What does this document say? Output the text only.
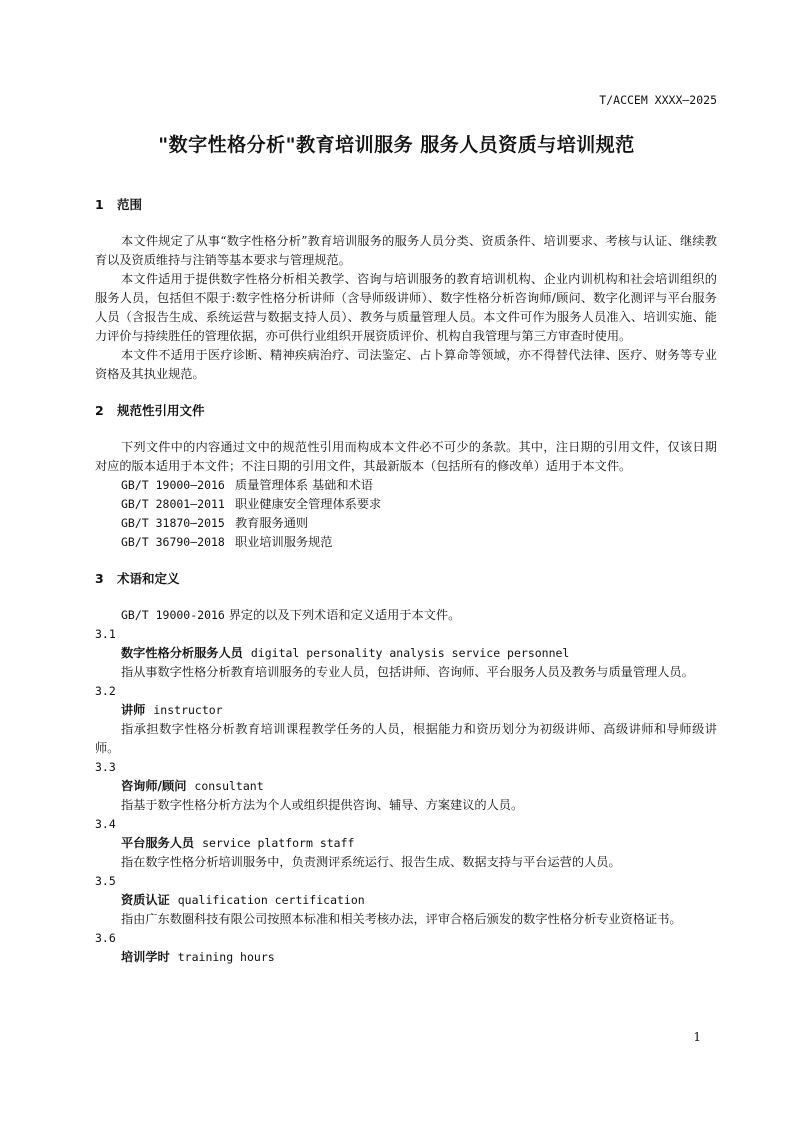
T/ACCEM XXXX—2025
"数字性格分析"教育培训服务 服务人员资质与培训规范
1 范围

本文件规定了从事“数字性格分析”教育培训服务的服务人员分类、资质条件、培训要求、考核与认证、继续教育以及资质维持与注销等基本要求与管理规范。

本文件适用于提供数字性格分析相关教学、咨询与培训服务的教育培训机构、企业内训机构和社会培训组织的服务人员，包括但不限于:数字性格分析讲师（含导师级讲师）、数字性格分析咨询师/顾问、数字化测评与平台服务人员（含报告生成、系统运营与数据支持人员）、教务与质量管理人员。本文件可作为服务人员准入、培训实施、能力评价与持续胜任的管理依据，亦可供行业组织开展资质评价、机构自我管理与第三方审查时使用。

本文件不适用于医疗诊断、精神疾病治疗、司法鉴定、占卜算命等领域，亦不得替代法律、医疗、财务等专业资格及其执业规范。

2 规范性引用文件

下列文件中的内容通过文中的规范性引用而构成本文件必不可少的条款。其中，注日期的引用文件，仅该日期对应的版本适用于本文件；不注日期的引用文件，其最新版本（包括所有的修改单）适用于本文件。

GB/T 19000—2016 质量管理体系 基础和术语

GB/T 28001—2011 职业健康安全管理体系要求

GB/T 31870—2015 教育服务通则

GB/T 36790—2018 职业培训服务规范

3 术语和定义

GB/T 19000-2016 界定的以及下列术语和定义适用于本文件。

3.1

数字性格分析服务人员 digital personality analysis service personnel

指从事数字性格分析教育培训服务的专业人员，包括讲师、咨询师、平台服务人员及教务与质量管理人员。

3.2

讲师 instructor

指承担数字性格分析教育培训课程教学任务的人员，根据能力和资历划分为初级讲师、高级讲师和导师级讲师。

3.3

咨询师/顾问 consultant

指基于数字性格分析方法为个人或组织提供咨询、辅导、方案建议的人员。

3.4

平台服务人员 service platform staff

指在数字性格分析培训服务中，负责测评系统运行、报告生成、数据支持与平台运营的人员。

3.5

资质认证 qualification certification

指由广东数圈科技有限公司按照本标准和相关考核办法，评审合格后颁发的数字性格分析专业资格证书。

3.6

培训学时 training hours

1
